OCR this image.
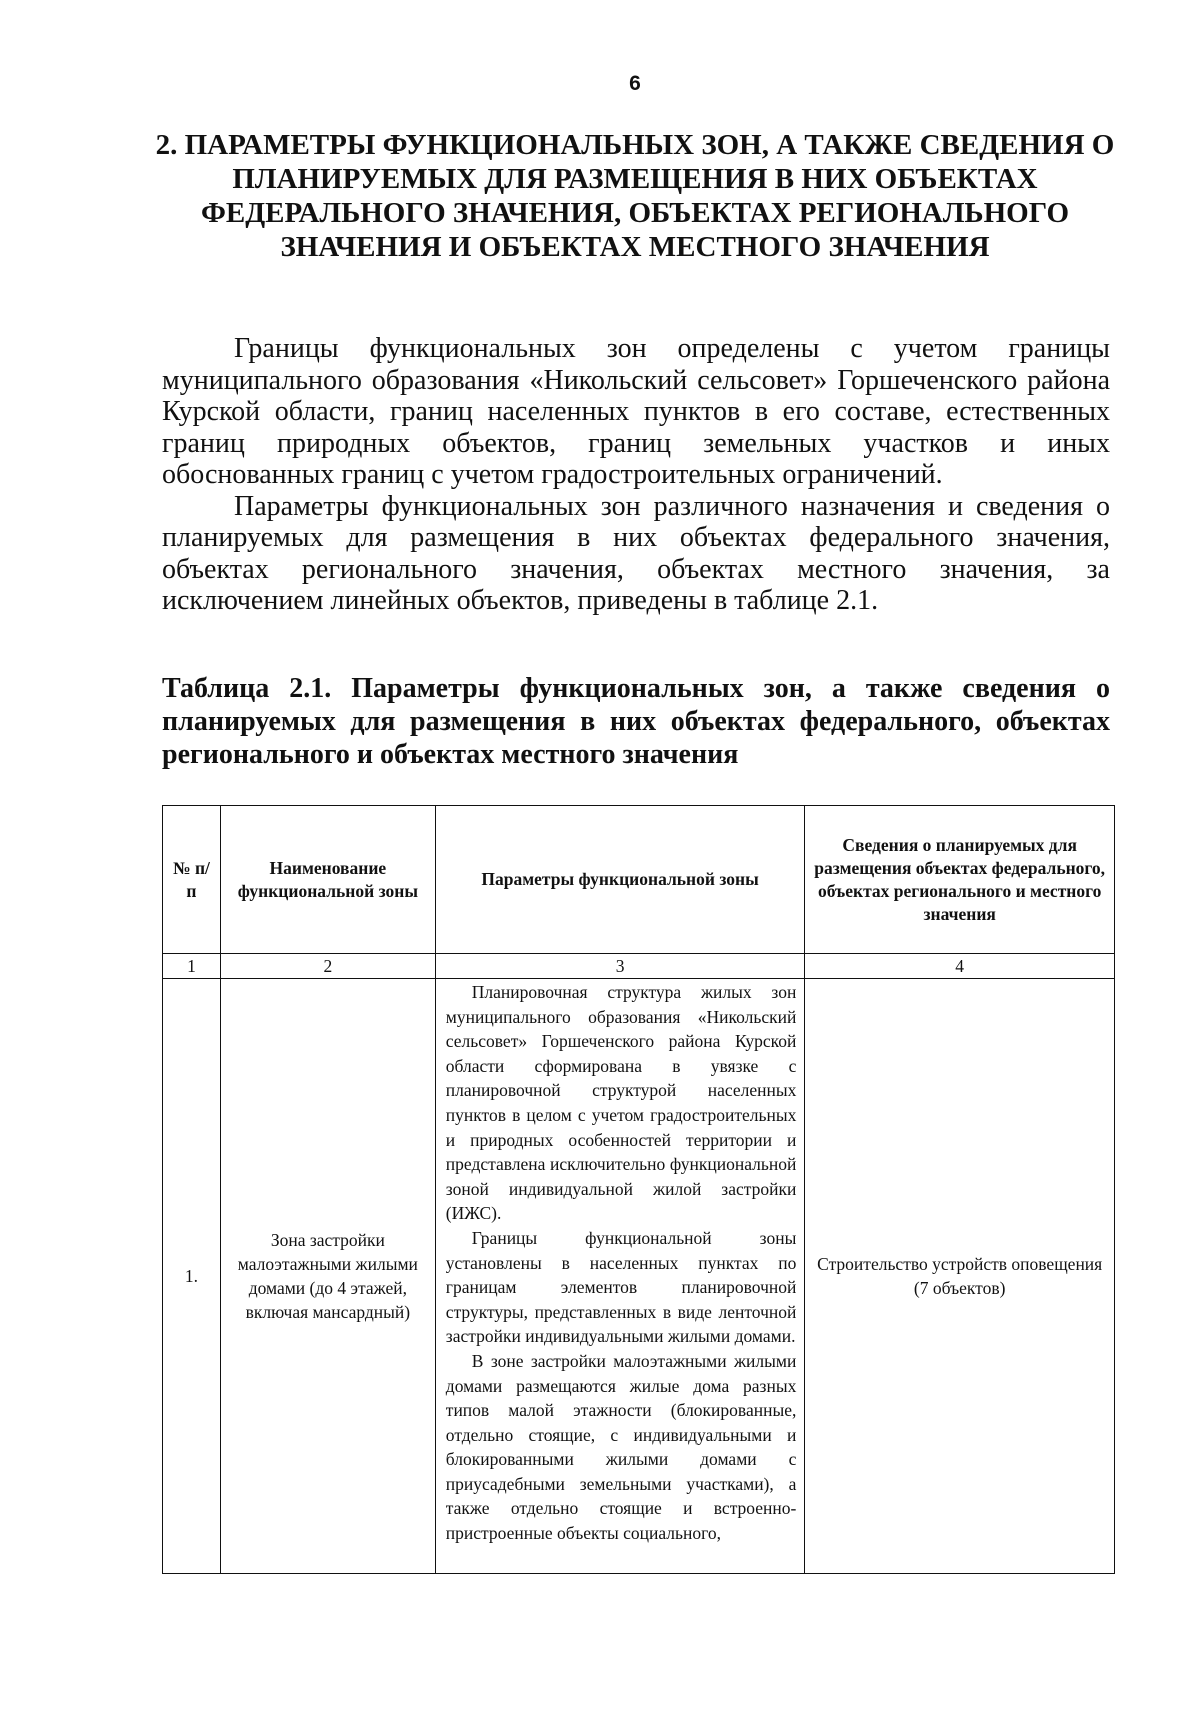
6
2. ПАРАМЕТРЫ ФУНКЦИОНАЛЬНЫХ ЗОН, А ТАКЖЕ СВЕДЕНИЯ О ПЛАНИРУЕМЫХ ДЛЯ РАЗМЕЩЕНИЯ В НИХ ОБЪЕКТАХ ФЕДЕРАЛЬНОГО ЗНАЧЕНИЯ, ОБЪЕКТАХ РЕГИОНАЛЬНОГО ЗНАЧЕНИЯ И ОБЪЕКТАХ МЕСТНОГО ЗНАЧЕНИЯ

Границы функциональных зон определены с учетом границы муниципального образования «Никольский сельсовет» Горшеченского района Курской области, границ населенных пунктов в его составе, естественных границ природных объектов, границ земельных участков и иных обоснованных границ с учетом градостроительных ограничений.

Параметры функциональных зон различного назначения и сведения о планируемых для размещения в них объектах федерального значения, объектах регионального значения, объектах местного значения, за исключением линейных объектов, приведены в таблице 2.1.

Таблица 2.1. Параметры функциональных зон, а также сведения о планируемых для размещения в них объектах федерального, объектах регионального и объектах местного значения
№ п/п	Наименование функциональной зоны	Параметры функциональной зоны	Сведения о планируемых для размещения объектах федерального, объектах регионального и местного значения
1	2	3	4
1.	Зона застройки малоэтажными жилыми домами (до 4 этажей, включая мансардный)	Планировочная структура жилых зон муниципального образования «Никольский сельсовет» Горшеченского района Курской области сформирована в увязке с планировочной структурой населенных пунктов в целом с учетом градостроительных и природных особенностей территории и представлена исключительно функциональной зоной индивидуальной жилой застройки (ИЖС).

Границы функциональной зоны установлены в населенных пунктах по границам элементов планировочной структуры, представленных в виде ленточной застройки индивидуальными жилыми домами.

В зоне застройки малоэтажными жилыми домами размещаются жилые дома разных типов малой этажности (блокированные, отдельно стоящие, с индивидуальными и блокированными жилыми домами с приусадебными земельными участками), а также отдельно стоящие и встроенно-пристроенные объекты социального,	Строительство устройств оповещения (7 объектов)
